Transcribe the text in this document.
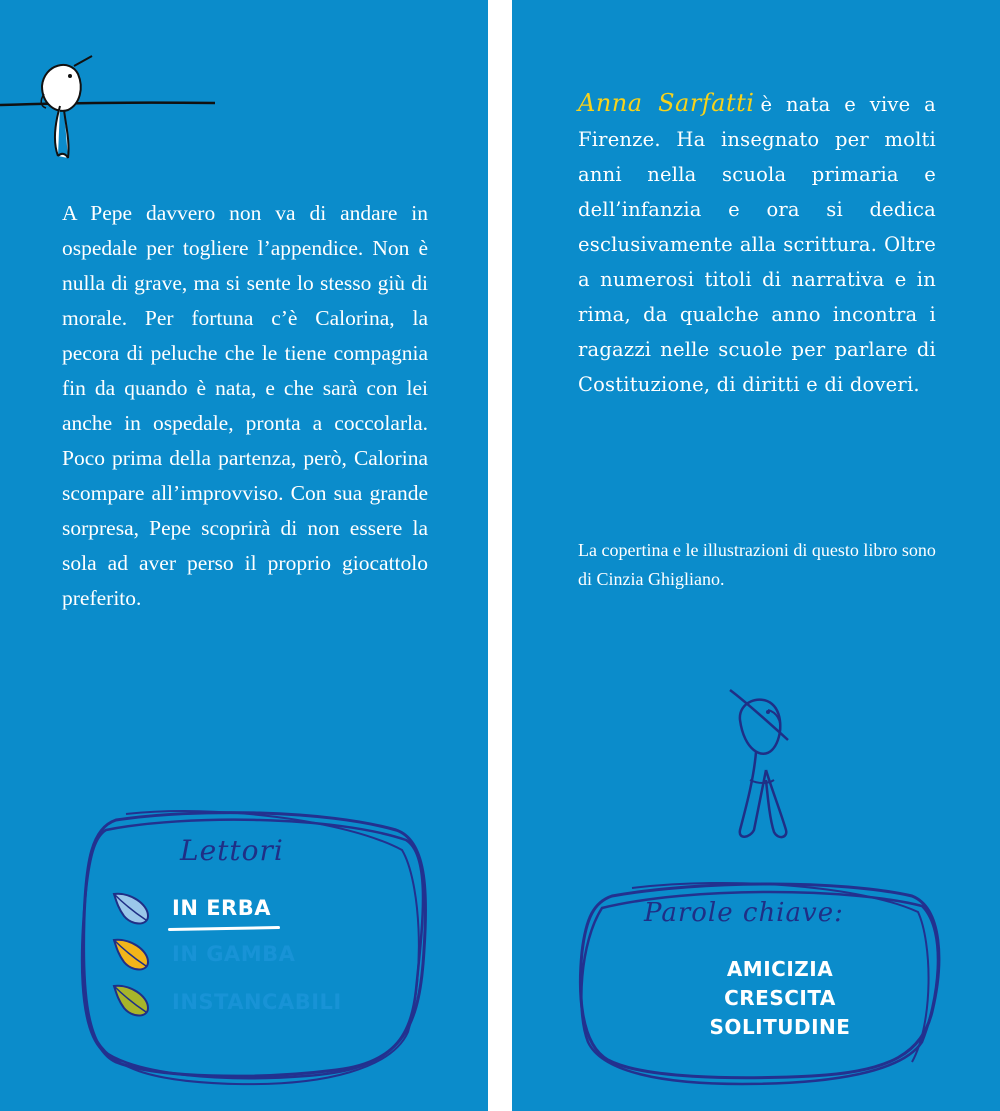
A Pepe davvero non va di andare in ospedale per togliere l’appendice. Non è nulla di grave, ma si sente lo stesso giù di morale. Per fortuna c’è Calorina, la pecora di peluche che le tiene compagnia fin da quando è nata, e che sarà con lei anche in ospedale, pronta a coccolarla. Poco prima della partenza, però, Calorina scompare all’improvviso. Con sua grande sorpresa, Pepe scoprirà di non essere la sola ad aver perso il proprio giocattolo preferito.

Lettori
IN ERBA
IN GAMBA
INSTANCABILI

Anna Sarfatti è nata e vive a Firenze. Ha insegnato per molti anni nella scuola primaria e dell’infanzia e ora si dedica esclusivamente alla scrittura. Oltre a numerosi titoli di narrativa e in rima, da qualche anno incontra i ragazzi nelle scuole per parlare di Costituzione, di diritti e di doveri.

La copertina e le illustrazioni di questo libro sono di Cinzia Ghigliano.

Parole chiave:
AMICIZIA
CRESCITA
SOLITUDINE
